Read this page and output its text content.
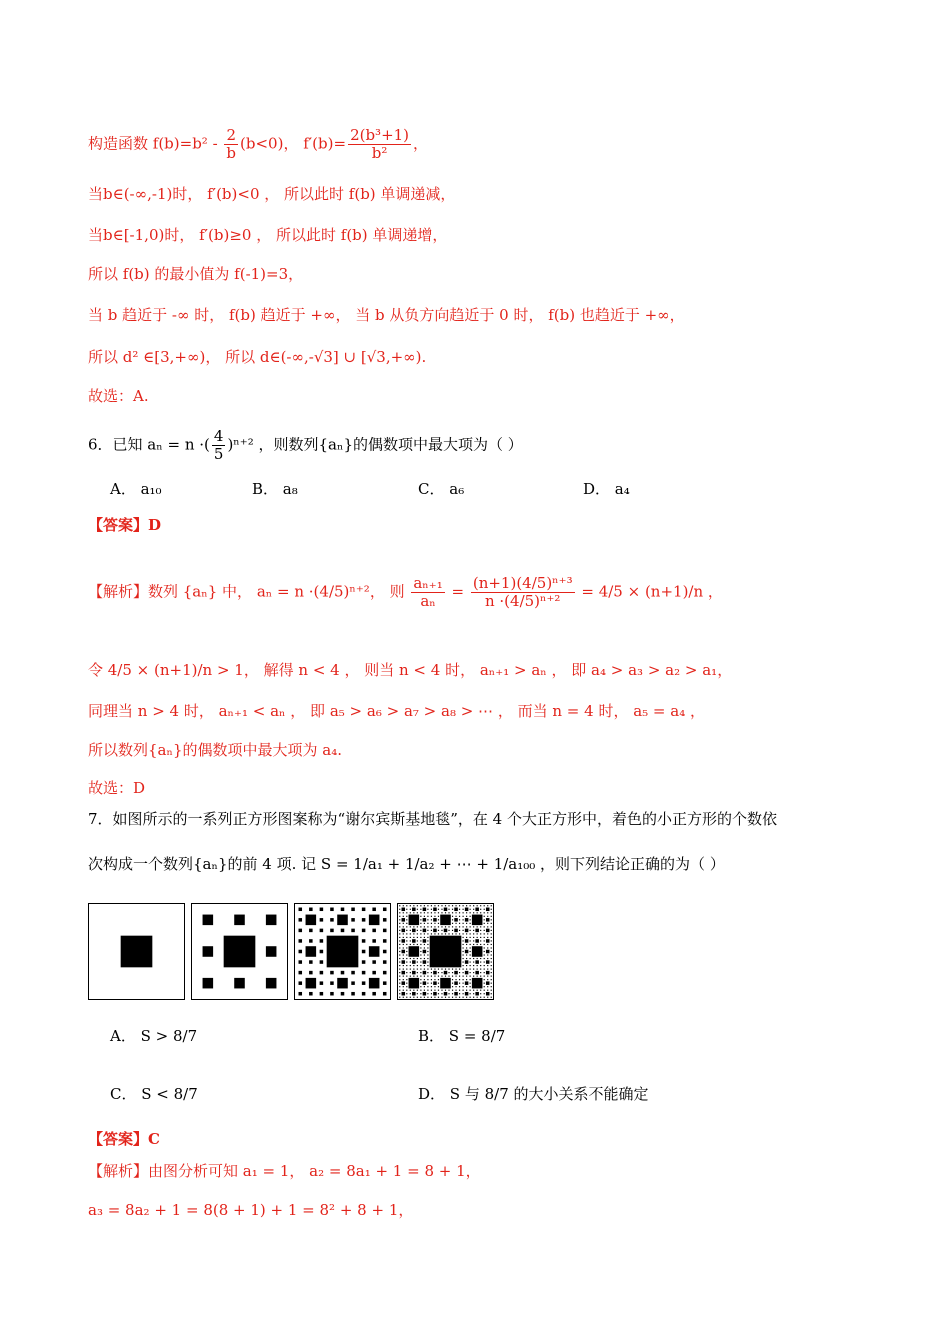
构造函数 $f(b)=b^2 - \frac{2}{b} (b<0)$， $f'(b)= \frac{\text{2(b³+1)}}{\text{b²}}$ ，
当b∈(-∞,-1)时， f′(b)<0 ， 所以此时 f(b) 单调递减，
当b∈[-1,0)时， f′(b)≥0 ， 所以此时 f(b) 单调递增，
所以 f(b) 的最小值为 f(-1)=3，
当 b 趋近于 -∞ 时， f(b) 趋近于 +∞， 当 b 从负方向趋近于 0 时， f(b) 也趋近于 +∞，
所以 d² ∈[3,+∞)， 所以 d∈(-∞,-√3] ∪ [√3,+∞).
故选：A.
6．已知 aₙ = n ·( $\frac{4}{5} )^{n+2}$ ，则数列{aₙ}的偶数项中最大项为（ ）
A． a₁₀	B． a₈	C． a₆	D． a₄
【答案】D
【解析】数列 {aₙ} 中， aₙ = n ·(4/5)ⁿ⁺²， 则 $\frac{\text{aₙ₊₁}}{\text{aₙ}} = \frac{\text{(n+1)(4/5)ⁿ⁺³}}{\text{n ·(4/5)ⁿ⁺²}} = 4/5 \times (n+1)/n$ ，
令 4/5 × (n+1)/n > 1， 解得 n < 4 ， 则当 n < 4 时， aₙ₊₁ > aₙ ， 即 a₄ > a₃ > a₂ > a₁，
同理当 n > 4 时， aₙ₊₁ < aₙ ， 即 a₅ > a₆ > a₇ > a₈ > ⋯ ， 而当 n = 4 时， a₅ = a₄ ，
所以数列{aₙ}的偶数项中最大项为 a₄.
故选：D
7．如图所示的一系列正方形图案称为“谢尔宾斯基地毯”，在 4 个大正方形中，着色的小正方形的个数依
次构成一个数列{aₙ}的前 4 项. 记 S = 1/a₁ + 1/a₂ + ⋯ + 1/a₁₀₀ ，则下列结论正确的为（ ）
A． S > 8/7	B． S = 8/7
C． S < 8/7	D． S 与 8/7 的大小关系不能确定
【答案】C
【解析】由图分析可知 a₁ = 1， a₂ = 8a₁ + 1 = 8 + 1，
a₃ = 8a₂ + 1 = 8(8 + 1) + 1 = 8² + 8 + 1，
